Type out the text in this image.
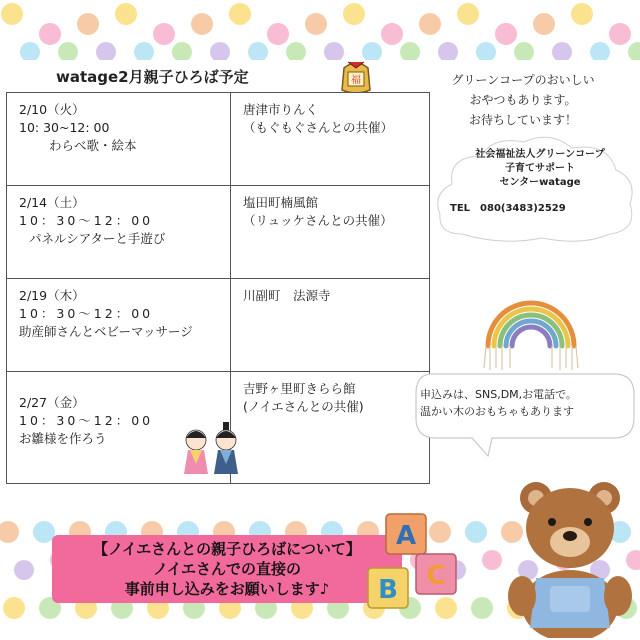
watage2月親子ひろば予定	福
2/10（火）
10: 30~12: 00

わらべ歌・絵本	唐津市りんく
（もぐもぐさんとの共催）
2/14（土）
10：30～12：00

パネルシアターと手遊び	塩田町楠風館
（リュッケさんとの共催）
2/19（木）
10：30～12：00
助産師さんとベビーマッサージ	川副町　法源寺
2/27（金）
10：30～12：00
お雛様を作ろう	吉野ヶ里町きらら館
(ノイエさんとの共催)
グリーンコープのおいしい
おやつもあります。
お待ちしています！
社会福祉法人グリーンコープ
子育てサポート
センターwatage
TEL　080(3483)2529
申込みは、SNS,DM,お電話で。
温かい木のおもちゃもあります
【ノイエさんとの親子ひろばについて】
ノイエさんでの直接の
事前申し込みをお願いします♪
A
C
B
